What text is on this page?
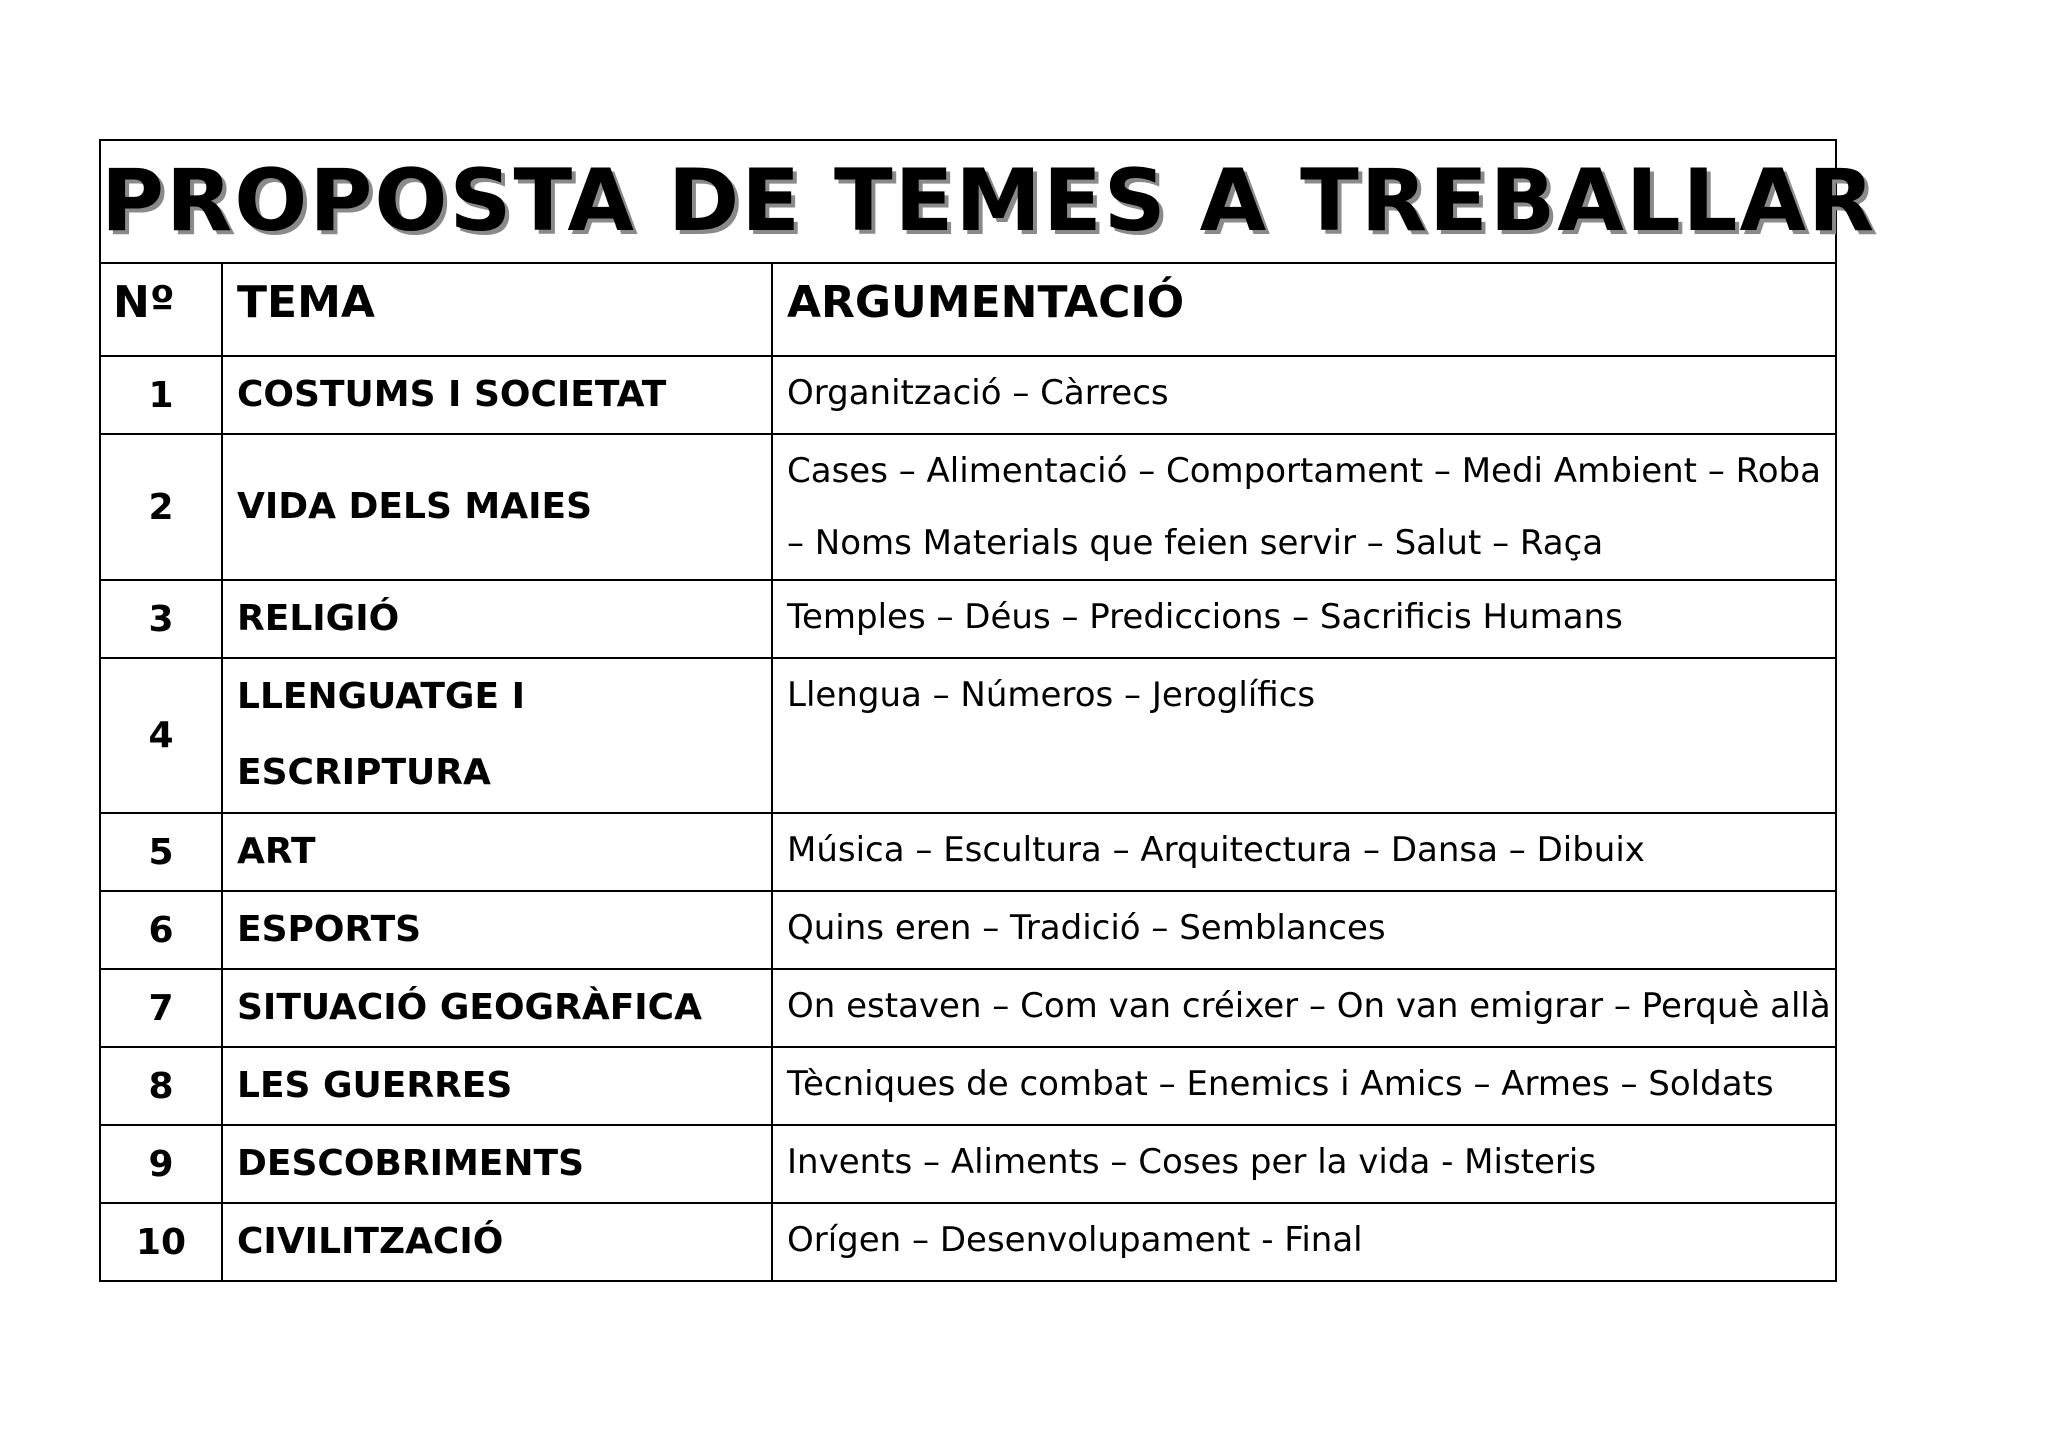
PROPOSTA DE TEMES A TREBALLAR		

Nº	TEMA	ARGUMENTACIÓ

1	COSTUMS I SOCIETAT	Organització – Càrrecs

2	VIDA DELS MAIES	Cases – Alimentació – Comportament – Medi Ambient – Roba – Noms Materials que feien servir – Salut – Raça

3	RELIGIÓ	Temples – Déus – Prediccions – Sacrificis Humans

4	LLENGUATGE I ESCRIPTURA	Llengua – Números – Jeroglífics

5	ART	Música – Escultura – Arquitectura – Dansa – Dibuix

6	ESPORTS	Quins eren – Tradició – Semblances

7	SITUACIÓ GEOGRÀFICA	On estaven – Com van créixer – On van emigrar – Perquè allà

8	LES GUERRES	Tècniques de combat – Enemics i Amics – Armes – Soldats

9	DESCOBRIMENTS	Invents – Aliments – Coses per la vida - Misteris

10	CIVILITZACIÓ	Orígen – Desenvolupament - Final
